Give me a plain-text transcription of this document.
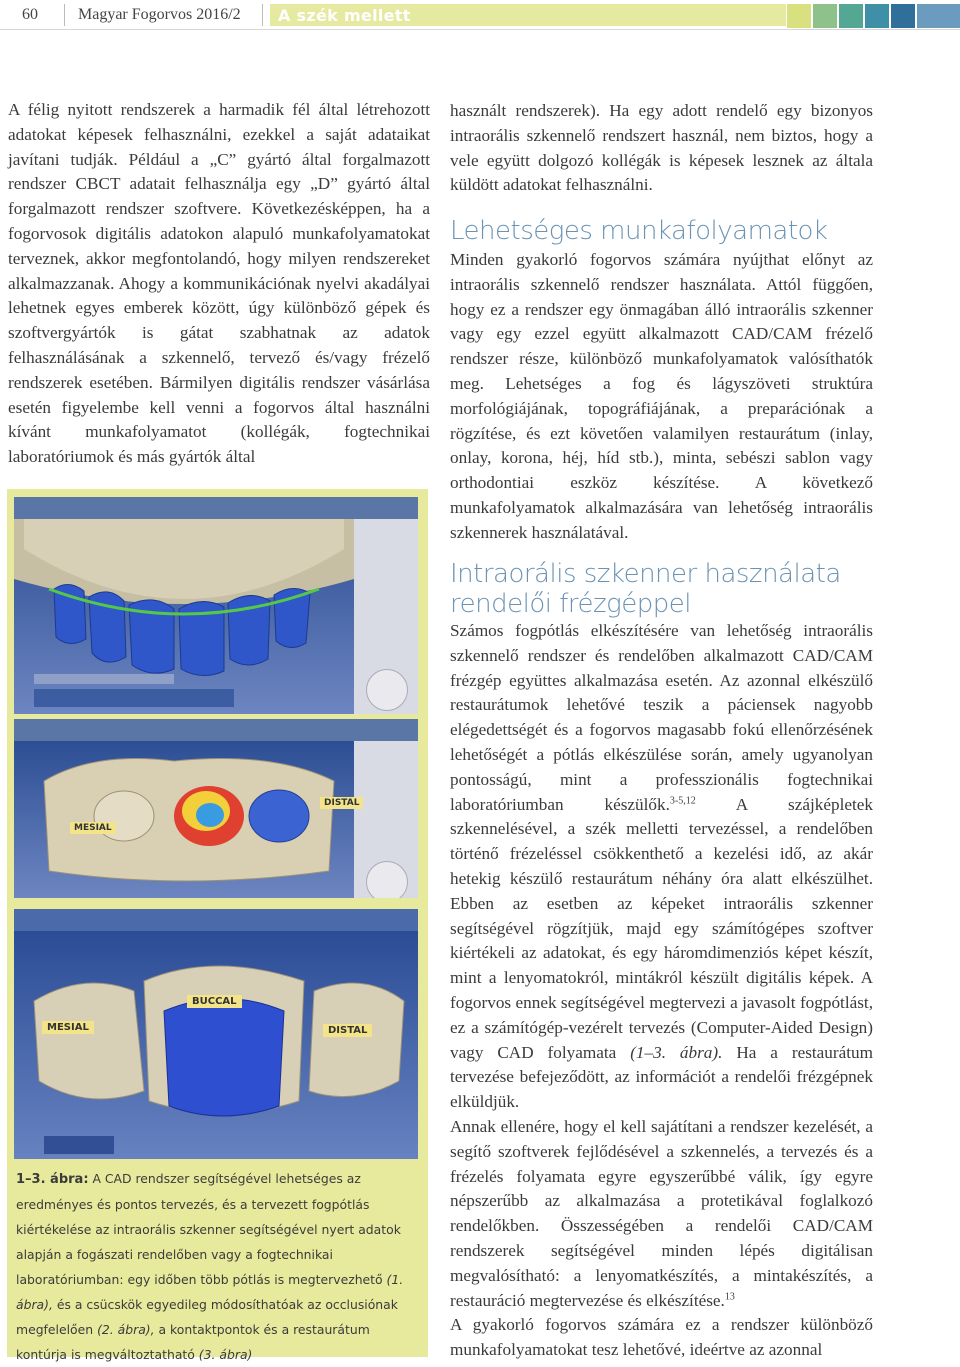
60	Magyar Fogorvos 2016/2 A szék mellett

A félig nyitott rendszerek a harmadik fél által létrehozott adatokat képesek felhasználni, ezekkel a saját adataikat javítani tudják. Például a „C” gyártó által forgalmazott rendszer CBCT adatait felhasználja egy „D” gyártó által forgalmazott rendszer szoftvere. Következésképpen, ha a fogorvosok digitális adatokon alapuló munkafolyamatokat terveznek, akkor megfontolandó, hogy milyen rendszereket alkalmazzanak. Ahogy a kommunikációnak nyelvi akadályai lehetnek egyes emberek között, úgy különböző gépek és szoftvergyártók is gátat szabhatnak az adatok felhasználásának a szkennelő, tervező és/vagy frézelő rendszerek esetében. Bármilyen digitális rendszer vásárlása esetén figyelembe kell venni a fogorvos által használni kívánt munkafolyamatot (kollégák, fogtechnikai laboratóriumok és más gyártók által

DISTAL
MESIAL
BUCCAL
MESIAL	DISTAL
1–3. ábra: A CAD rendszer segítségével lehetséges az eredményes és pontos tervezés, és a tervezett fogpótlás kiértékelése az intraorális szkenner segítségével nyert adatok alapján a fogászati rendelőben vagy a fogtechnikai laboratóriumban: egy időben több pótlás is megtervezhető (1. ábra), és a csücskök egyedileg módosíthatóak az occlusiónak megfelelően (2. ábra), a kontaktpontok és a restaurátum kontúrja is megváltoztatható (3. ábra)

használt rendszerek). Ha egy adott rendelő egy bizonyos intraorális szkennelő rendszert használ, nem biztos, hogy a vele együtt dolgozó kollégák is képesek lesznek az általa küldött adatokat felhasználni.

Lehetséges munkafolyamatok

Minden gyakorló fogorvos számára nyújthat előnyt az intraorális szkennelő rendszer használata. Attól függően, hogy ez a rendszer egy önmagában álló intraorális szkenner vagy egy ezzel együtt alkalmazott CAD/CAM frézelő rendszer része, különböző munkafolyamatok valósíthatók meg. Lehetséges a fog és lágyszöveti struktúra morfológiájának, topográfiájának, a preparációnak a rögzítése, és ezt követően valamilyen restaurátum (inlay, onlay, korona, héj, híd stb.), minta, sebészi sablon vagy orthodontiai eszköz készítése. A következő munkafolyamatok alkalmazására van lehetőség intraorális szkennerek használatával.

Intraorális szkenner használata rendelői frézgéppel

Számos fogpótlás elkészítésére van lehetőség intraorális szkennelő rendszer és rendelőben alkalmazott CAD/CAM frézgép együttes alkalmazása esetén. Az azonnal elkészülő restaurátumok lehetővé teszik a páciensek nagyobb elégedettségét és a fogorvos magasabb fokú ellenőrzésének lehetőségét a pótlás elkészülése során, amely ugyanolyan pontosságú, mint a professzionális fogtechnikai laboratóriumban készülők.$^{3-5,12}$ A szájképletek szkennelésével, a szék melletti tervezéssel, a rendelőben történő frézeléssel csökkenthető a kezelési idő, az akár hetekig készülő restaurátum néhány óra alatt elkészülhet. Ebben az esetben az képeket intraorális szkenner segítségével rögzítjük, majd egy számítógépes szoftver kiértékeli az adatokat, és egy háromdimenziós képet készít, mint a lenyomatokról, mintákról készült digitális képek. A fogorvos ennek segítségével megtervezi a javasolt fogpótlást, ez a számítógép-vezérelt tervezés (Computer-Aided Design) vagy CAD folyamata (1–3. ábra). Ha a restaurátum tervezése befejeződött, az információt a rendelői frézgépnek elküldjük.

Annak ellenére, hogy el kell sajátítani a rendszer kezelését, a segítő szoftverek fejlődésével a szkennelés, a tervezés és a frézelés folyamata egyre egyszerűbbé válik, így egyre népszerűbb az alkalmazása a protetikával foglalkozó rendelőkben. Összességében a rendelői CAD/CAM rendszerek segítségével minden lépés digitálisan megvalósítható: a lenyomatkészítés, a mintakészítés, a restauráció megtervezése és elkészítése.$^{13}$

A gyakorló fogorvos számára ez a rendszer különböző munkafolyamatokat tesz lehetővé, ideértve az azonnal
